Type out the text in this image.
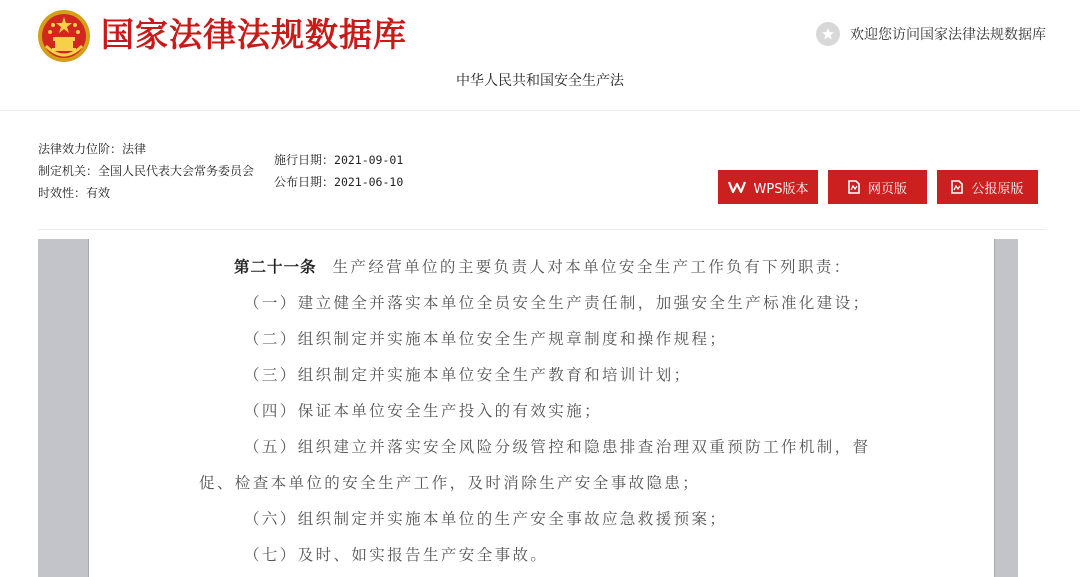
国家法律法规数据库	欢迎您访问国家法律法规数据库
中华人民共和国安全生产法
法律效力位阶：法律
制定机关：全国人民代表大会常务委员会
时效性：有效
施行日期：2021-09-01
公布日期：2021-06-10	WPS版本	网页版	公报原版
第二十一条 生产经营单位的主要负责人对本单位安全生产工作负有下列职责：
（一）建立健全并落实本单位全员安全生产责任制，加强安全生产标准化建设；
（二）组织制定并实施本单位安全生产规章制度和操作规程；
（三）组织制定并实施本单位安全生产教育和培训计划；
（四）保证本单位安全生产投入的有效实施；
（五）组织建立并落实安全风险分级管控和隐患排查治理双重预防工作机制，督
促、检查本单位的安全生产工作，及时消除生产安全事故隐患；
（六）组织制定并实施本单位的生产安全事故应急救援预案；
（七）及时、如实报告生产安全事故。
